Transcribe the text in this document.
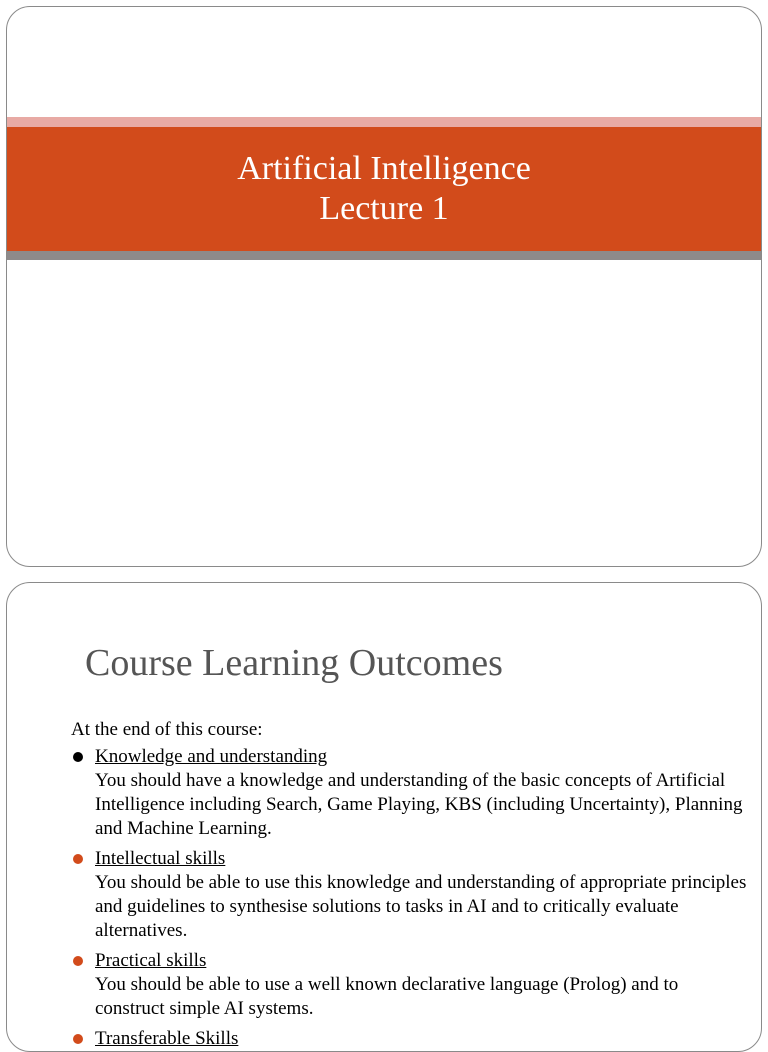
Artificial Intelligence
Lecture 1
Course Learning Outcomes
At the end of this course:
Knowledge and understanding
You should have a knowledge and understanding of the basic concepts of Artificial Intelligence including Search, Game Playing, KBS (including Uncertainty), Planning and Machine Learning.
Intellectual skills
You should be able to use this knowledge and understanding of appropriate principles and guidelines to synthesise solutions to tasks in AI and to critically evaluate alternatives.
Practical skills
You should be able to use a well known declarative language (Prolog) and to construct simple AI systems.
Transferable Skills
